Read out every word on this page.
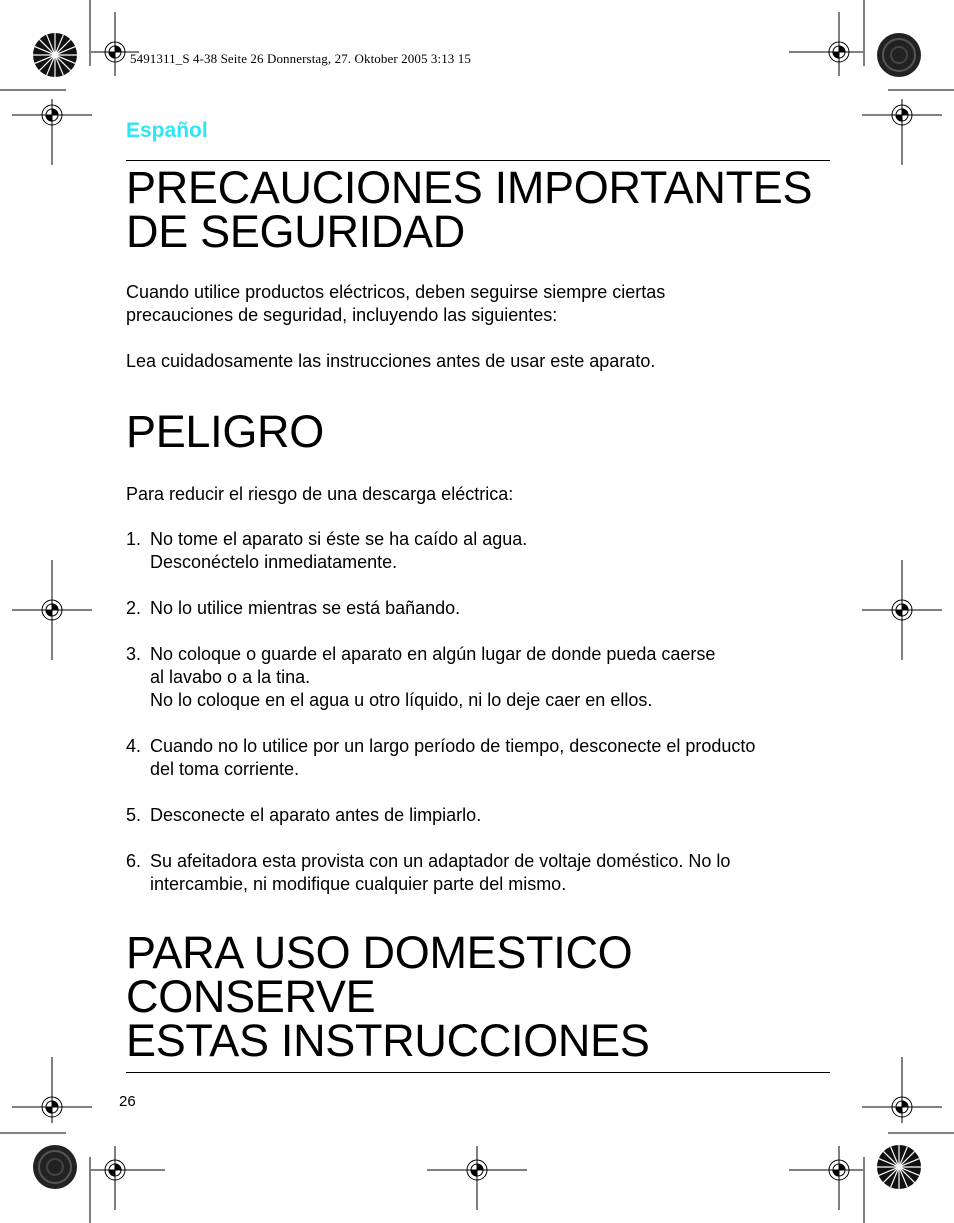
5491311_S 4-38 Seite 26 Donnerstag, 27. Oktober 2005 3:13 15
Español
PRECAUCIONES IMPORTANTES
DE SEGURIDAD

Cuando utilice productos eléctricos, deben seguirse siempre ciertas
precauciones de seguridad, incluyendo las siguientes:

Lea cuidadosamente las instrucciones antes de usar este aparato.

PELIGRO

Para reducir el riesgo de una descarga eléctrica:

1. No tome el aparato si éste se ha caído al agua.
Desconéctelo inmediatamente.
2. No lo utilice mientras se está bañando.
3. No coloque o guarde el aparato en algún lugar de donde pueda caerse
al lavabo o a la tina.
No lo coloque en el agua u otro líquido, ni lo deje caer en ellos.
4. Cuando no lo utilice por un largo período de tiempo, desconecte el producto
del toma corriente.
5. Desconecte el aparato antes de limpiarlo.
6. Su afeitadora esta provista con un adaptador de voltaje doméstico. No lo
intercambie, ni modifique cualquier parte del mismo.
PARA USO DOMESTICO
CONSERVE
ESTAS INSTRUCCIONES
26
